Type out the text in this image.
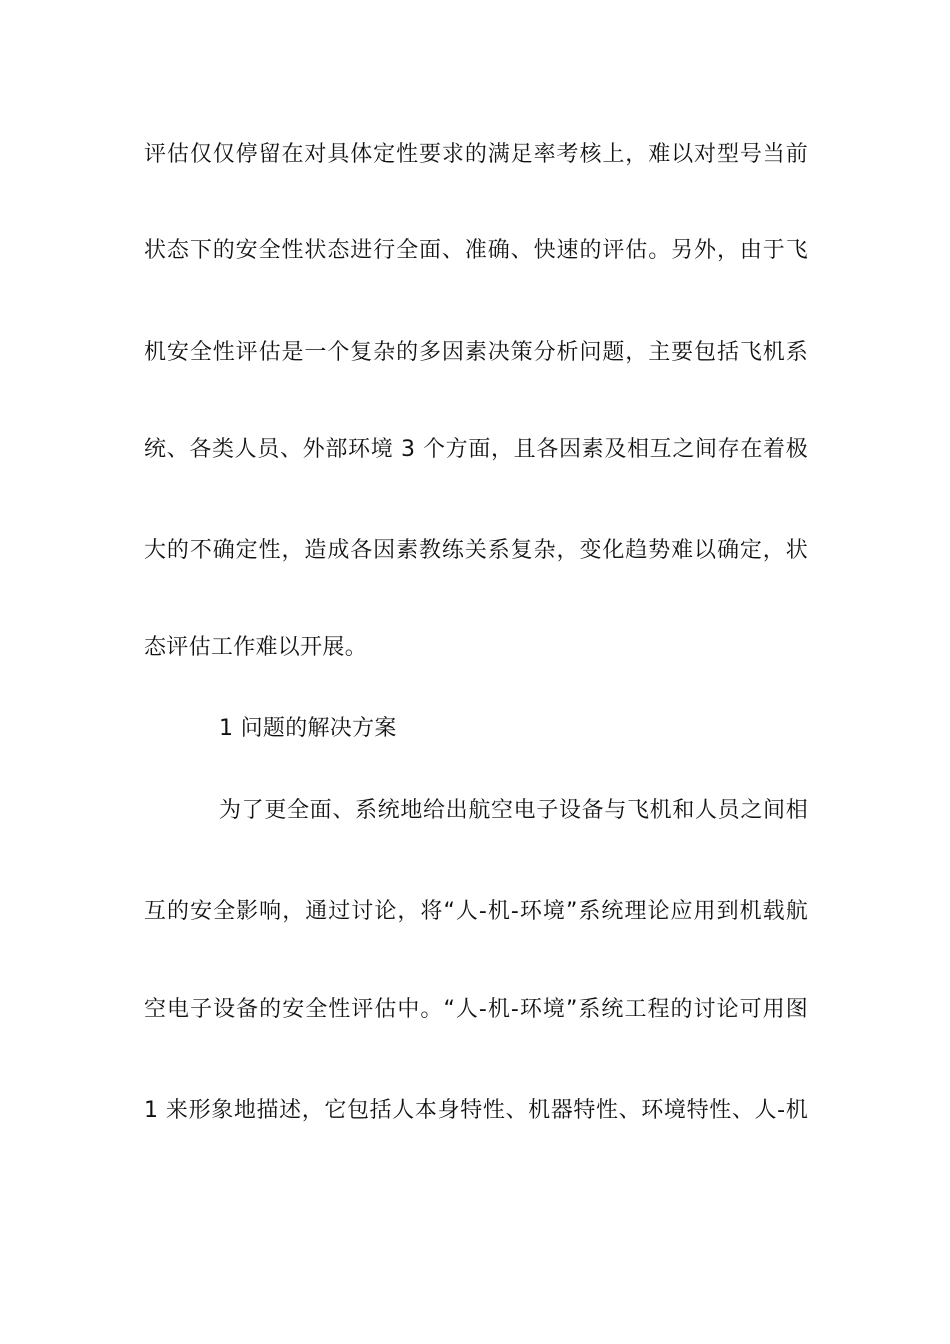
评估仅仅停留在对具体定性要求的满足率考核上，难以对型号当前
状态下的安全性状态进行全面、准确、快速的评估。另外，由于飞
机安全性评估是一个复杂的多因素决策分析问题，主要包括飞机系
统、各类人员、外部环境 3 个方面，且各因素及相互之间存在着极
大的不确定性，造成各因素教练关系复杂，变化趋势难以确定，状
态评估工作难以开展。
1 问题的解决方案
为了更全面、系统地给出航空电子设备与飞机和人员之间相
互的安全影响，通过讨论，将“人-机-环境”系统理论应用到机载航
空电子设备的安全性评估中。“人-机-环境”系统工程的讨论可用图
1 来形象地描述，它包括人本身特性、机器特性、环境特性、人-机
